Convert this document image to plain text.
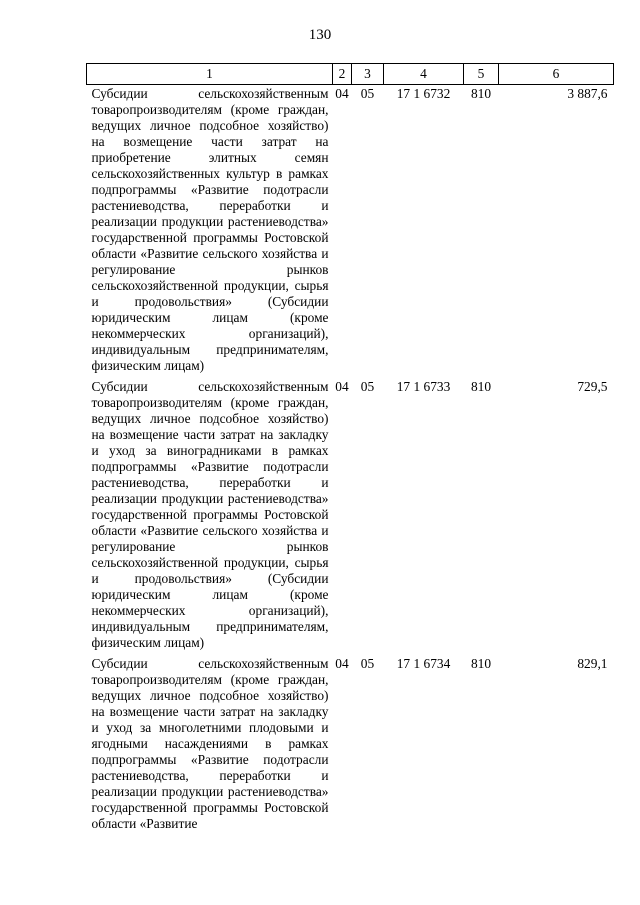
130
1	2	3	4	5	6
Субсидии сельскохозяйственным товаропроизводителям (кроме граждан, ведущих личное подсобное хозяйство) на возмещение части затрат на приобретение элитных семян сельскохозяйственных культур в рамках подпрограммы «Развитие подотрасли растениеводства, переработки и реализации продукции растениеводства» государственной программы Ростовской области «Развитие сельского хозяйства и регулирование рынков сельскохозяйственной продукции, сырья и продовольствия» (Субсидии юридическим лицам (кроме некоммерческих организаций), индивидуальным предпринимателям, физическим лицам)	04	05	17 1 6732	810	3 887,6
Субсидии сельскохозяйственным товаропроизводителям (кроме граждан, ведущих личное подсобное хозяйство) на возмещение части затрат на закладку и уход за виноградниками в рамках подпрограммы «Развитие подотрасли растениеводства, переработки и реализации продукции растениеводства» государственной программы Ростовской области «Развитие сельского хозяйства и регулирование рынков сельскохозяйственной продукции, сырья и продовольствия» (Субсидии юридическим лицам (кроме некоммерческих организаций), индивидуальным предпринимателям, физическим лицам)	04	05	17 1 6733	810	729,5
Субсидии сельскохозяйственным товаропроизводителям (кроме граждан, ведущих личное подсобное хозяйство) на возмещение части затрат на закладку и уход за многолетними плодовыми и ягодными насаждениями в рамках подпрограммы «Развитие подотрасли растениеводства, переработки и реализации продукции растениеводства» государственной программы Ростовской области «Развитие	04	05	17 1 6734	810	829,1
